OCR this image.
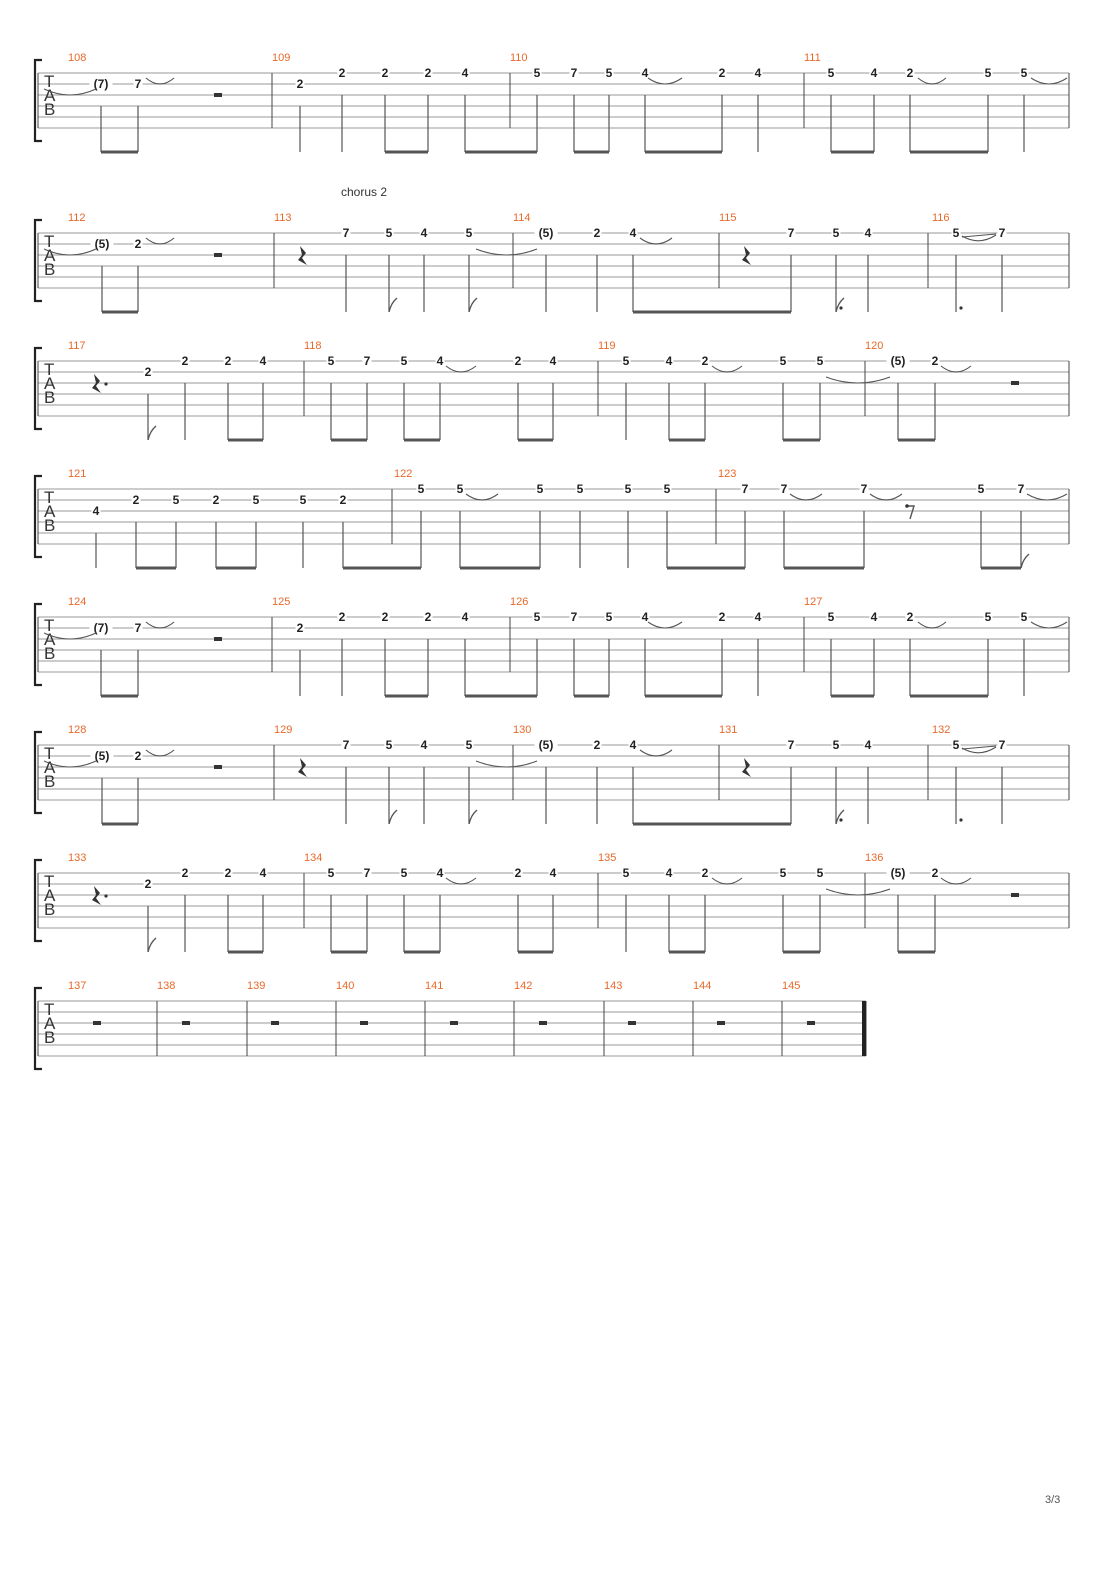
T
A
B
108
(7) 7
109
2
2	2	2	4
110
5	7 5 4	2 4
111
5	4 2	5 5
T
A
B
112
(5) 2
113
7	5 4	5
114
(5)	2 4
115
7	5 4
116
5	7
T
A
B
117
2
2	2 4
118
5 7	5 4	2 4
119
5	4 2	5	5
120
(5) 2
T
A
B
121
4
2	5	2	5	5	2
122
5	5	5	5	5	5
123
7	7	7	5	7
T
A
B
124
(7) 7
125
2
2	2	2	4
126
5	7 5 4	2 4
127
5	4 2	5 5
T
A
B
128
(5) 2
129
7	5 4	5
130
(5)	2 4
131
7	5 4
132
5	7
T
A
B
133
2
2	2 4
134
5 7	5 4	2 4
135
5	4 2	5	5
136
(5) 2
T
A
B
137	138	139	140	141	142	143	144	145
chorus 2
3/3
